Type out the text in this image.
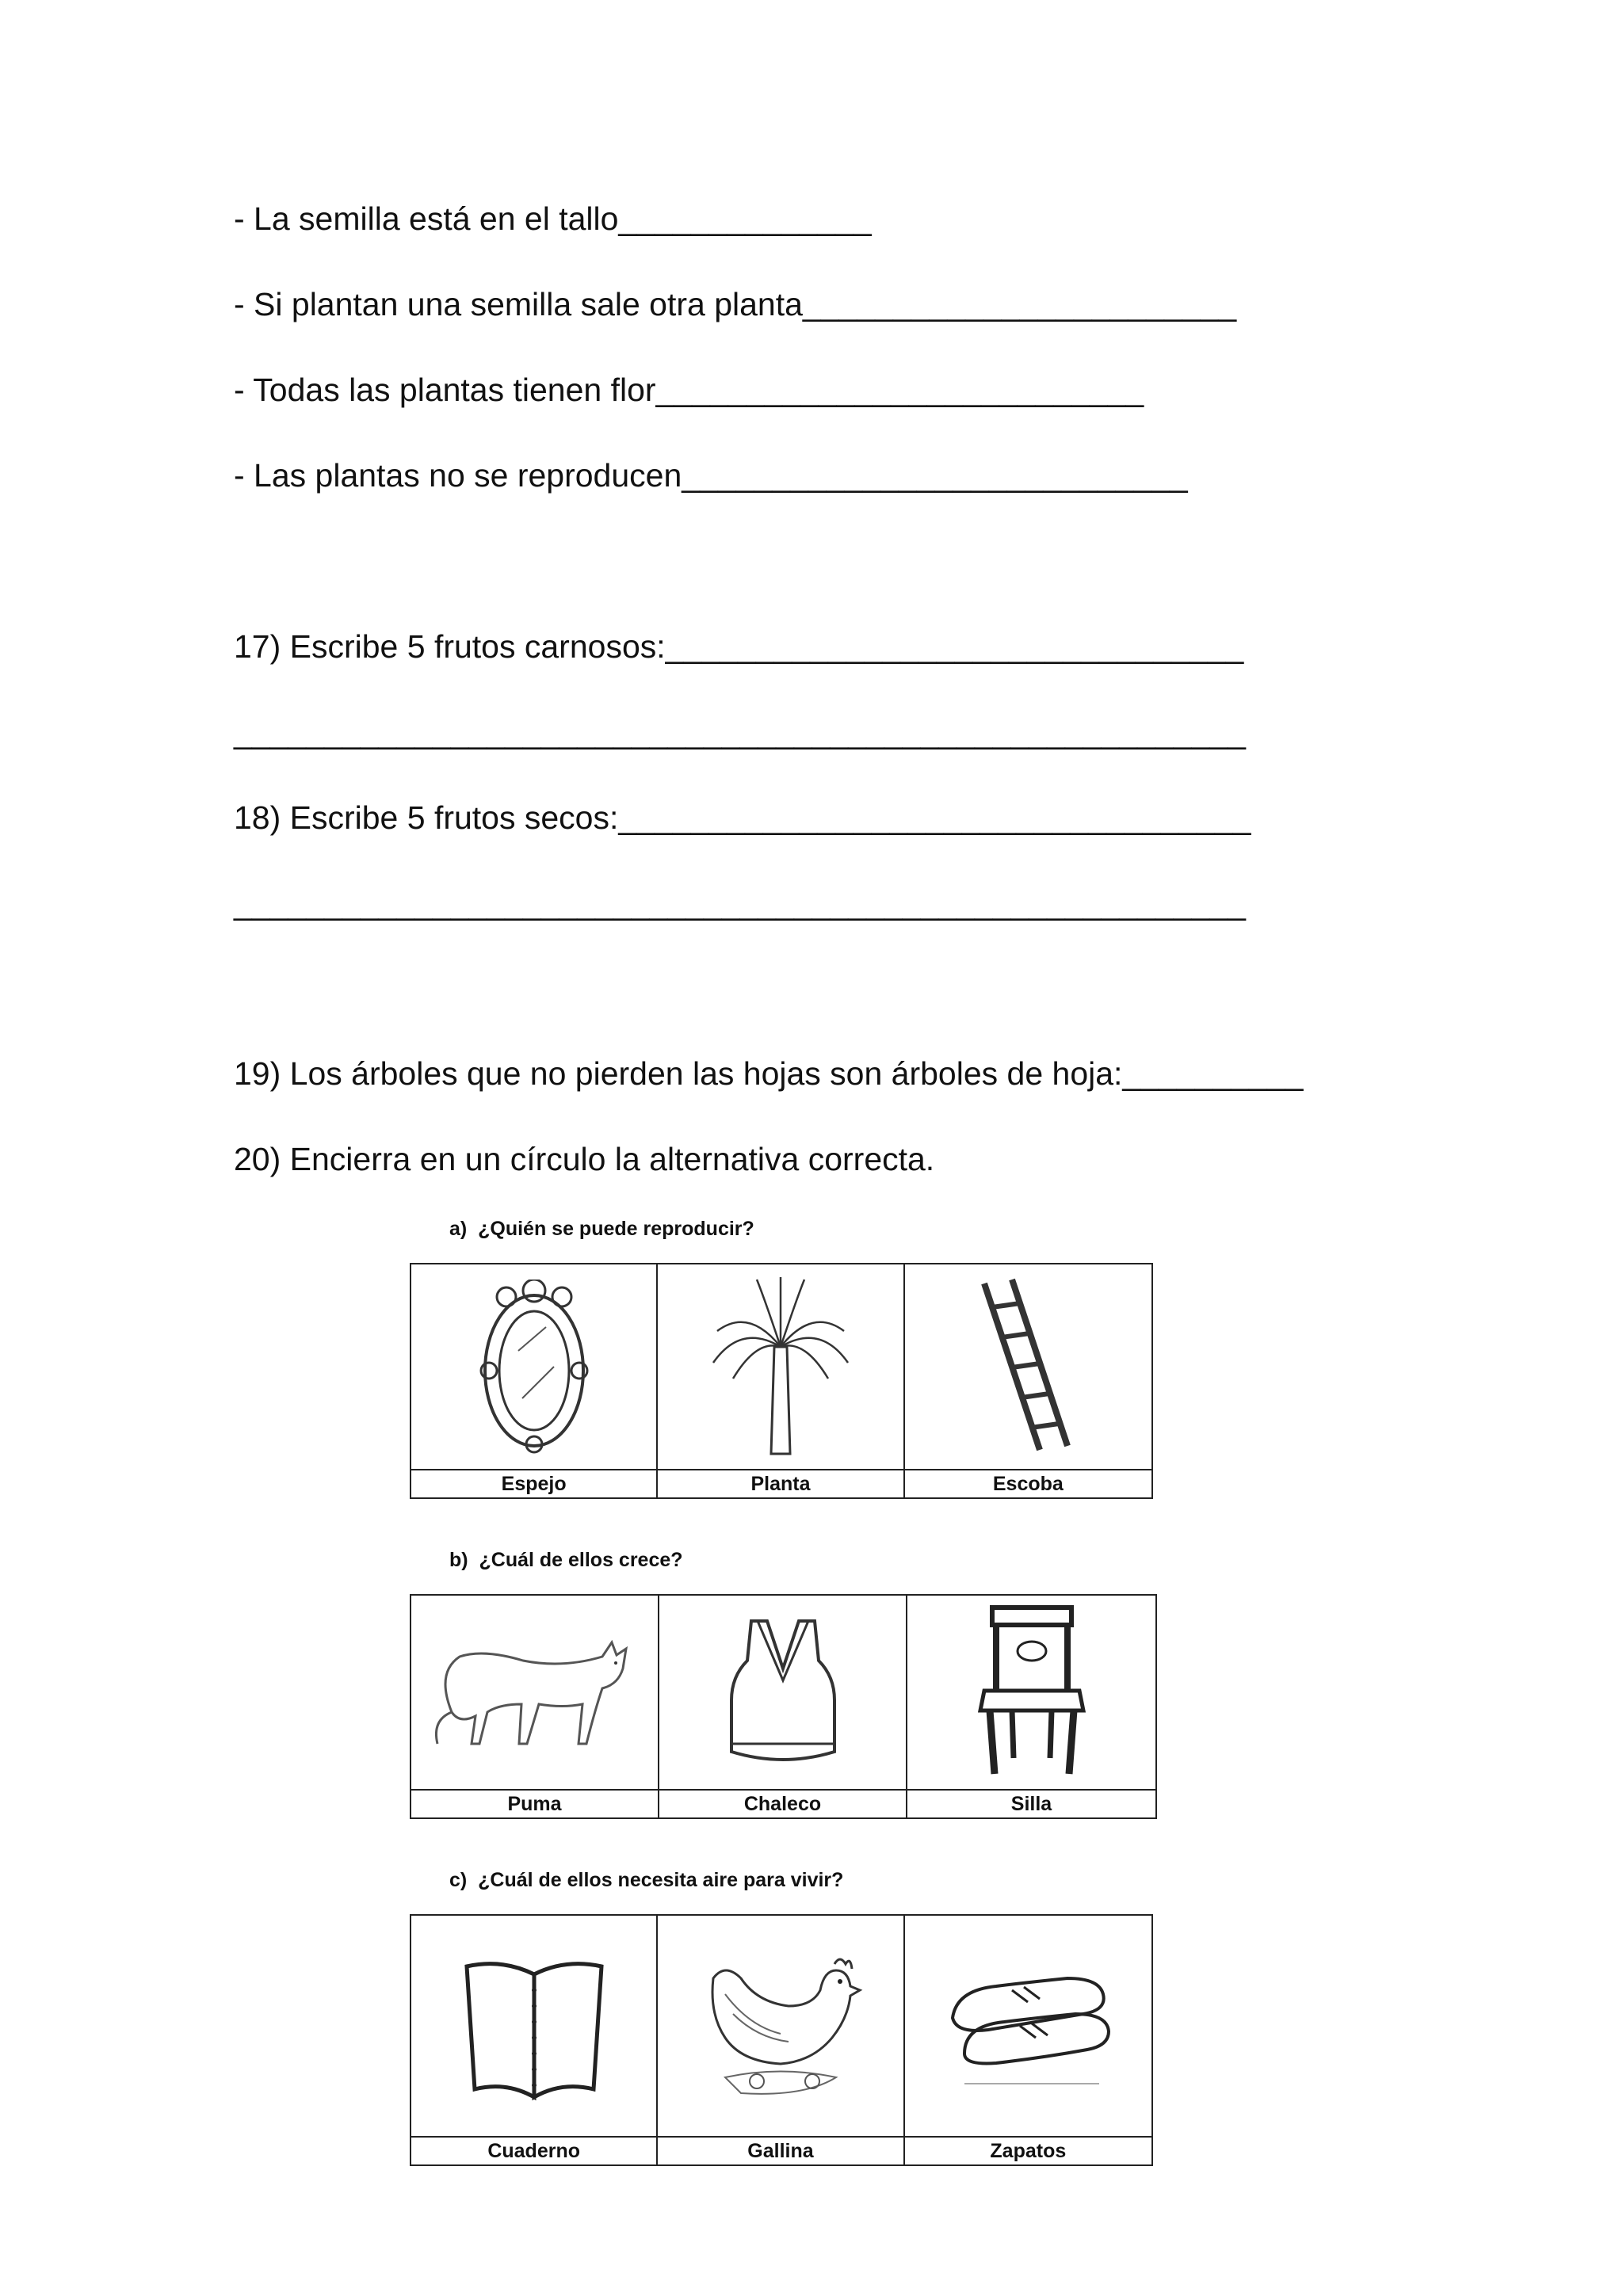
- La semilla está en el tallo______________
- Si plantan una semilla sale otra planta________________________
- Todas las plantas tienen flor___________________________
- Las plantas no se reproducen____________________________
17) Escribe 5 frutos carnosos:________________________________
________________________________________________________
18) Escribe 5 frutos secos:___________________________________
________________________________________________________
19) Los árboles que no pierden las hojas son árboles de hoja:__________
20) Encierra en un círculo la alternativa correcta.
a)  ¿Quién se puede reproducir?
Espejo	Planta	Escoba
b)  ¿Cuál de ellos crece?
Puma	Chaleco	Silla
c)  ¿Cuál de ellos necesita aire para vivir?
Cuaderno	Gallina	Zapatos
